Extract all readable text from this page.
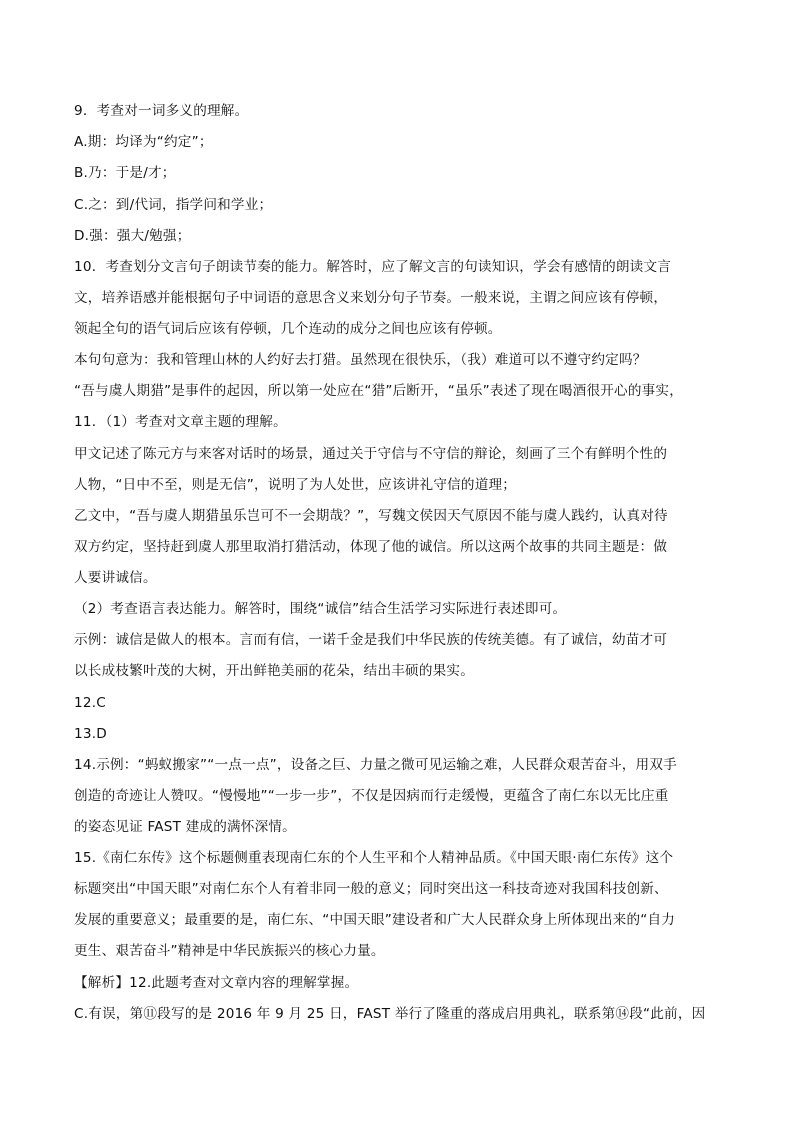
9．考查对一词多义的理解。
A.期：均译为“约定”；
B.乃：于是/才；
C.之：到/代词，指学问和学业；
D.强：强大/勉强；
10．考查划分文言句子朗读节奏的能力。解答时，应了解文言的句读知识，学会有感情的朗读文言
文，培养语感并能根据句子中词语的意思含义来划分句子节奏。一般来说，主谓之间应该有停顿，
领起全句的语气词后应该有停顿，几个连动的成分之间也应该有停顿。
本句句意为：我和管理山林的人约好去打猎。虽然现在很快乐，（我）难道可以不遵守约定吗？
“吾与虞人期猎”是事件的起因，所以第一处应在“猎”后断开，“虽乐”表述了现在喝酒很开心的事实，
11．（1）考查对文章主题的理解。
甲文记述了陈元方与来客对话时的场景，通过关于守信与不守信的辩论，刻画了三个有鲜明个性的
人物，“日中不至，则是无信”，说明了为人处世，应该讲礼守信的道理；
乙文中，“吾与虞人期猎虽乐岂可不一会期哉？”，写魏文侯因天气原因不能与虞人践约，认真对待
双方约定，坚持赶到虞人那里取消打猎活动，体现了他的诚信。所以这两个故事的共同主题是：做
人要讲诚信。
（2）考查语言表达能力。解答时，围绕“诚信”结合生活学习实际进行表述即可。
示例：诚信是做人的根本。言而有信，一诺千金是我们中华民族的传统美德。有了诚信，幼苗才可
以长成枝繁叶茂的大树，开出鲜艳美丽的花朵，结出丰硕的果实。
12.C
13.D
14.示例：“蚂蚁搬家”“一点一点”，设备之巨、力量之微可见运输之难，人民群众艰苦奋斗，用双手
创造的奇迹让人赞叹。“慢慢地”“一步一步”，不仅是因病而行走缓慢，更蕴含了南仁东以无比庄重
的姿态见证 FAST 建成的满怀深情。
15.《南仁东传》这个标题侧重表现南仁东的个人生平和个人精神品质。《中国天眼·南仁东传》这个
标题突出“中国天眼”对南仁东个人有着非同一般的意义；同时突出这一科技奇迹对我国科技创新、
发展的重要意义；最重要的是，南仁东、“中国天眼”建设者和广大人民群众身上所体现出来的“自力
更生、艰苦奋斗”精神是中华民族振兴的核心力量。
【解析】12.此题考查对文章内容的理解掌握。
C.有误，第⑪段写的是 2016 年 9 月 25 日，FAST 举行了隆重的落成启用典礼，联系第⑭段“此前，因
